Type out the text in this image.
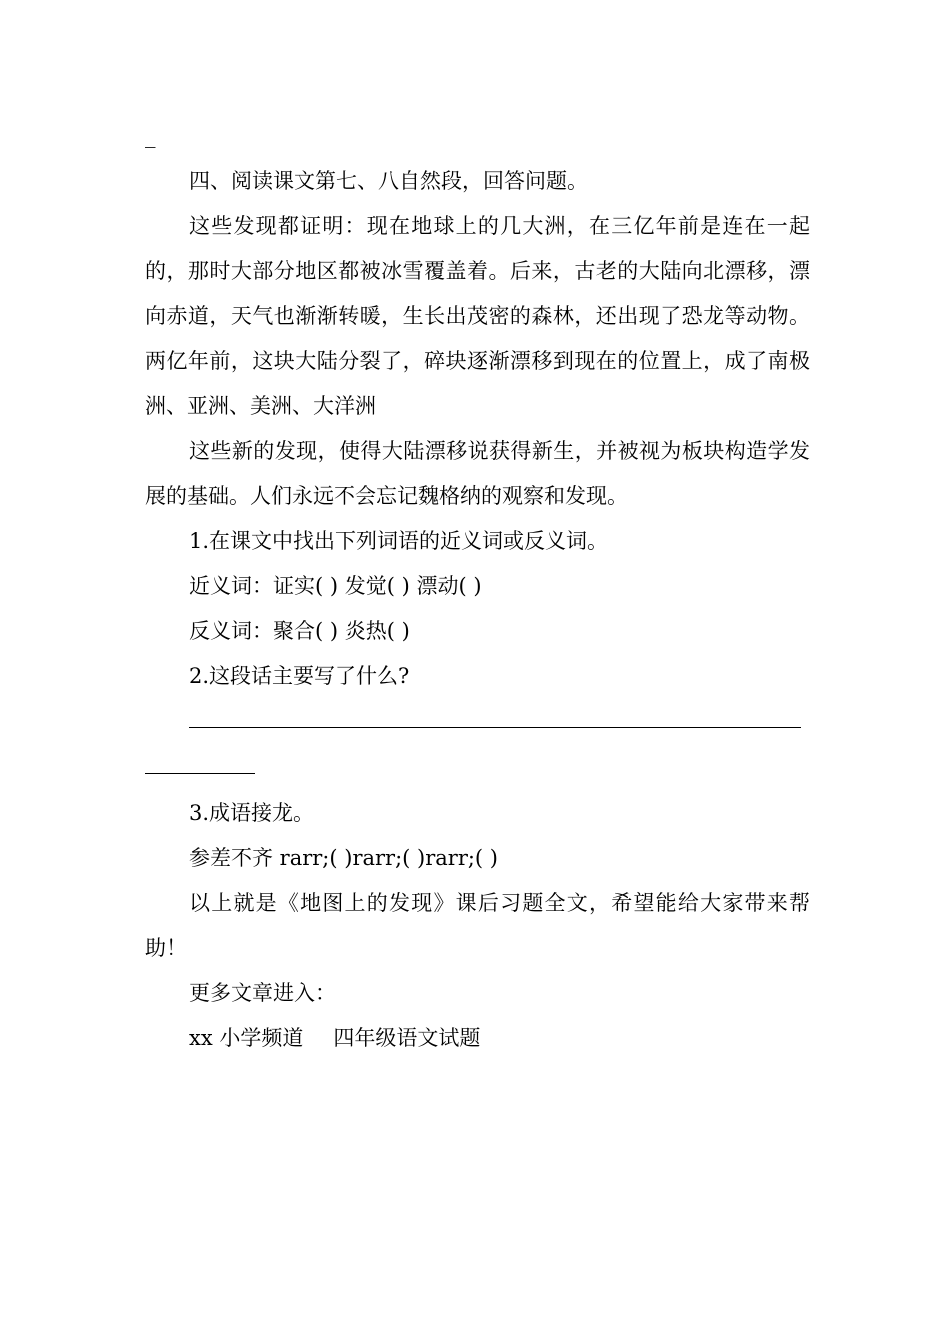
_

四、阅读课文第七、八自然段，回答问题。

这些发现都证明：现在地球上的几大洲，在三亿年前是连在一起的，那时大部分地区都被冰雪覆盖着。后来，古老的大陆向北漂移，漂向赤道，天气也渐渐转暖，生长出茂密的森林，还出现了恐龙等动物。两亿年前，这块大陆分裂了，碎块逐渐漂移到现在的位置上，成了南极洲、亚洲、美洲、大洋洲

这些新的发现，使得大陆漂移说获得新生，并被视为板块构造学发展的基础。人们永远不会忘记魏格纳的观察和发现。

1.在课文中找出下列词语的近义词或反义词。

近义词：证实( ) 发觉( ) 漂动( )

反义词：聚合( ) 炎热( )

2.这段话主要写了什么?

3.成语接龙。

参差不齐 rarr;( )rarr;( )rarr;( )

以上就是《地图上的发现》课后习题全文，希望能给大家带来帮助！

更多文章进入：

xx 小学频道 四年级语文试题
